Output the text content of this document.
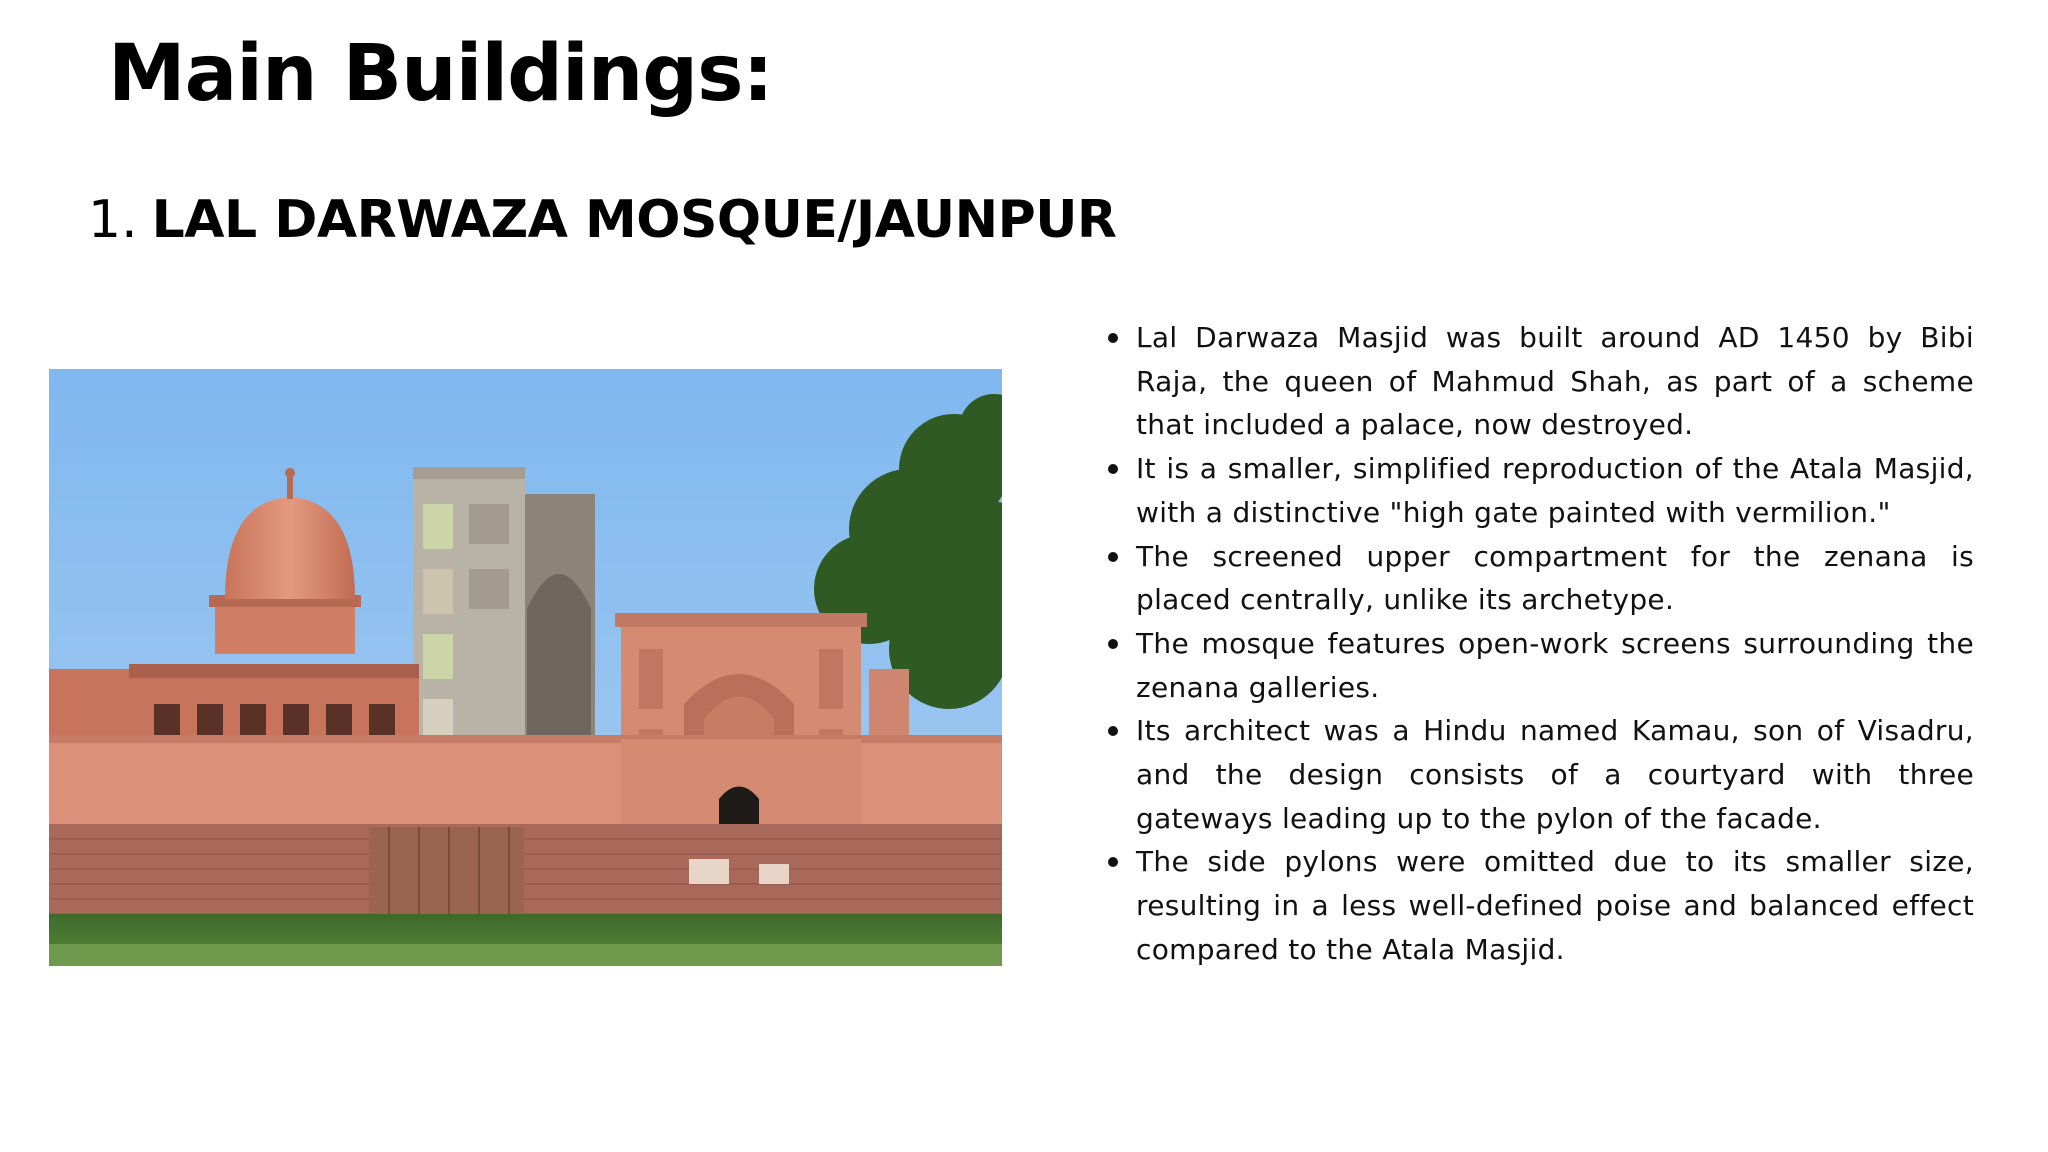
Main Buildings:
1. LAL DARWAZA MOSQUE/JAUNPUR
Lal Darwaza Masjid was built around AD 1450 by Bibi Raja, the queen of Mahmud Shah, as part of a scheme that included a palace, now destroyed.
It is a smaller, simplified reproduction of the Atala Masjid, with a distinctive "high gate painted with vermilion."
The screened upper compartment for the zenana is placed centrally, unlike its archetype.
The mosque features open-work screens surrounding the zenana galleries.
Its architect was a Hindu named Kamau, son of Visadru, and the design consists of a courtyard with three gateways leading up to the pylon of the facade.
The side pylons were omitted due to its smaller size, resulting in a less well-defined poise and balanced effect compared to the Atala Masjid.
